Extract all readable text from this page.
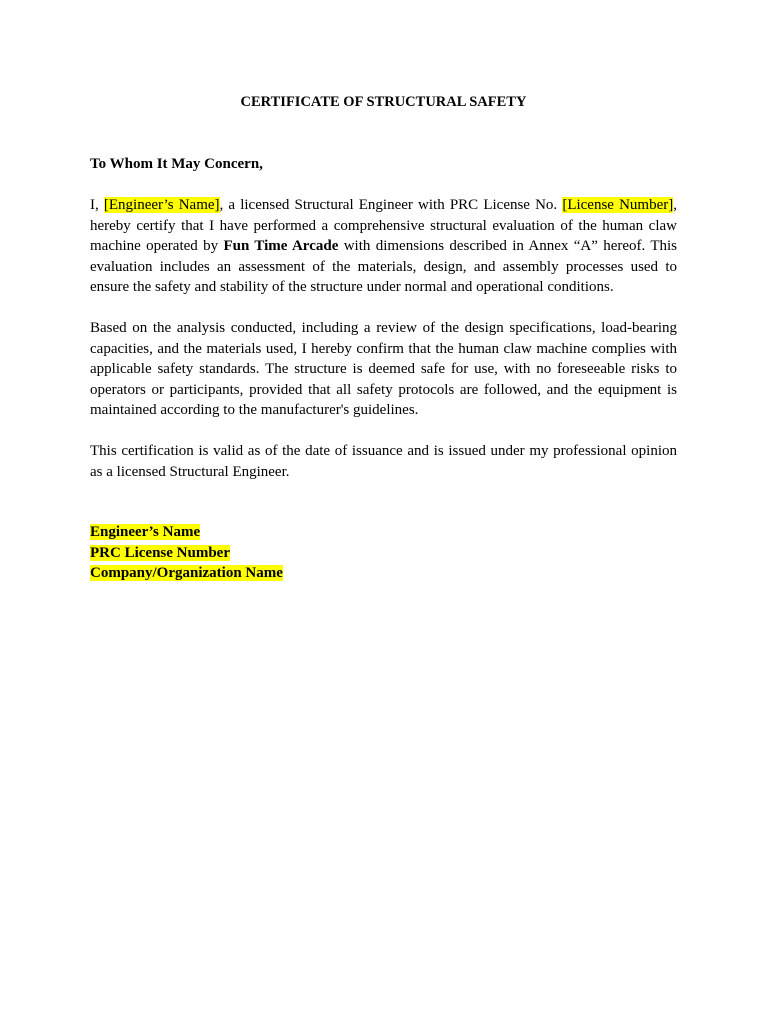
CERTIFICATE OF STRUCTURAL SAFETY
To Whom It May Concern,

I, [Engineer’s Name], a licensed Structural Engineer with PRC License No. [License Number], hereby certify that I have performed a comprehensive structural evaluation of the human claw machine operated by Fun Time Arcade with dimensions described in Annex “A” hereof. This evaluation includes an assessment of the materials, design, and assembly processes used to ensure the safety and stability of the structure under normal and operational conditions.

Based on the analysis conducted, including a review of the design specifications, load-bearing capacities, and the materials used, I hereby confirm that the human claw machine complies with applicable safety standards. The structure is deemed safe for use, with no foreseeable risks to operators or participants, provided that all safety protocols are followed, and the equipment is maintained according to the manufacturer's guidelines.

This certification is valid as of the date of issuance and is issued under my professional opinion as a licensed Structural Engineer.

Engineer’s Name
PRC License Number
Company/Organization Name
